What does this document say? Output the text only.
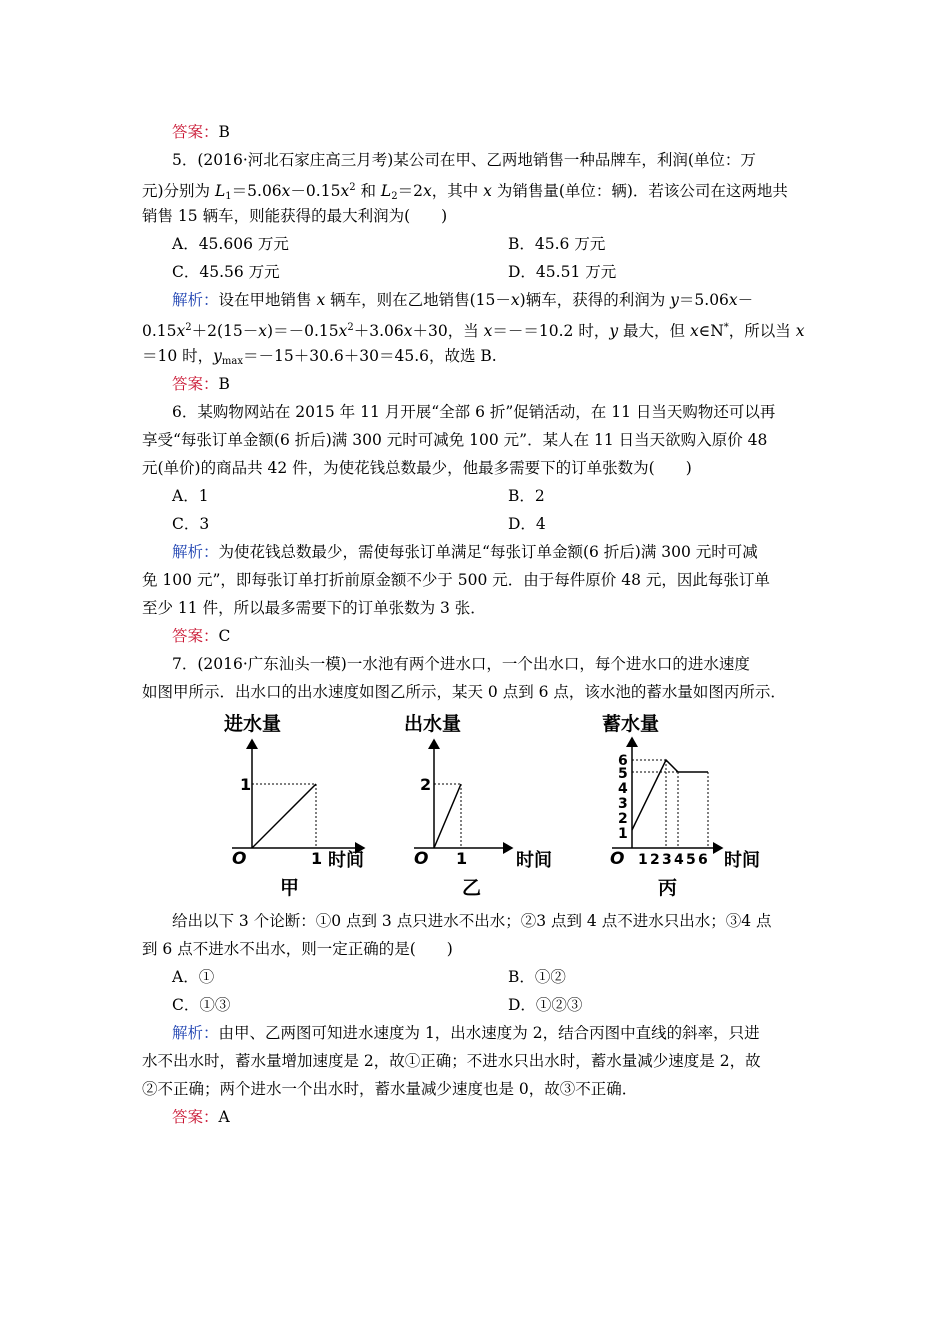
答案：B
5．(2016·河北石家庄高三月考)某公司在甲、乙两地销售一种品牌车，利润(单位：万
元)分别为 $L_1=5.06x-0.15x^2$ 和 $L_2=2x$，其中 x 为销售量(单位：辆)．若该公司在这两地共
销售 15 辆车，则能获得的最大利润为(　　)
A．45.606 万元	B．45.6 万元
C．45.56 万元	D．45.51 万元
解析：设在甲地销售 x 辆车，则在乙地销售(15－x)辆车，获得的利润为 y＝5.06x－
$0.15x^2+2(15-x)=-0.15x^2+3.06x+30$，当 x＝－＝10.2 时，y 最大，但 x∈N*，所以当 x
＝10 时，$y_{max}=-15+30.6+30=45.6$，故选 B.
答案：B
6．某购物网站在 2015 年 11 月开展“全部 6 折”促销活动，在 11 日当天购物还可以再
享受“每张订单金额(6 折后)满 300 元时可减免 100 元”．某人在 11 日当天欲购入原价 48
元(单价)的商品共 42 件，为使花钱总数最少，他最多需要下的订单张数为(　　)
A．1	B．2
C．3	D．4
解析：为使花钱总数最少，需使每张订单满足“每张订单金额(6 折后)满 300 元时可减
免 100 元”，即每张订单打折前原金额不少于 500 元．由于每件原价 48 元，因此每张订单
至少 11 件，所以最多需要下的订单张数为 3 张．
答案：C
7．(2016·广东汕头一模)一水池有两个进水口，一个出水口，每个进水口的进水速度
如图甲所示．出水口的出水速度如图乙所示，某天 0 点到 6 点，该水池的蓄水量如图丙所示．
进水量
1
O	1 时间
甲
出水量
2
O 1	时间
乙
蓄水量
6
5
4
3
2
1
O 1 2 3 4 5 6 时间
丙
给出以下 3 个论断：①0 点到 3 点只进水不出水；②3 点到 4 点不进水只出水；③4 点
到 6 点不进水不出水，则一定正确的是(　　)
A．①	B．①②
C．①③	D．①②③
解析：由甲、乙两图可知进水速度为 1，出水速度为 2，结合丙图中直线的斜率，只进
水不出水时，蓄水量增加速度是 2，故①正确；不进水只出水时，蓄水量减少速度是 2，故
②不正确；两个进水一个出水时，蓄水量减少速度也是 0，故③不正确．
答案：A
